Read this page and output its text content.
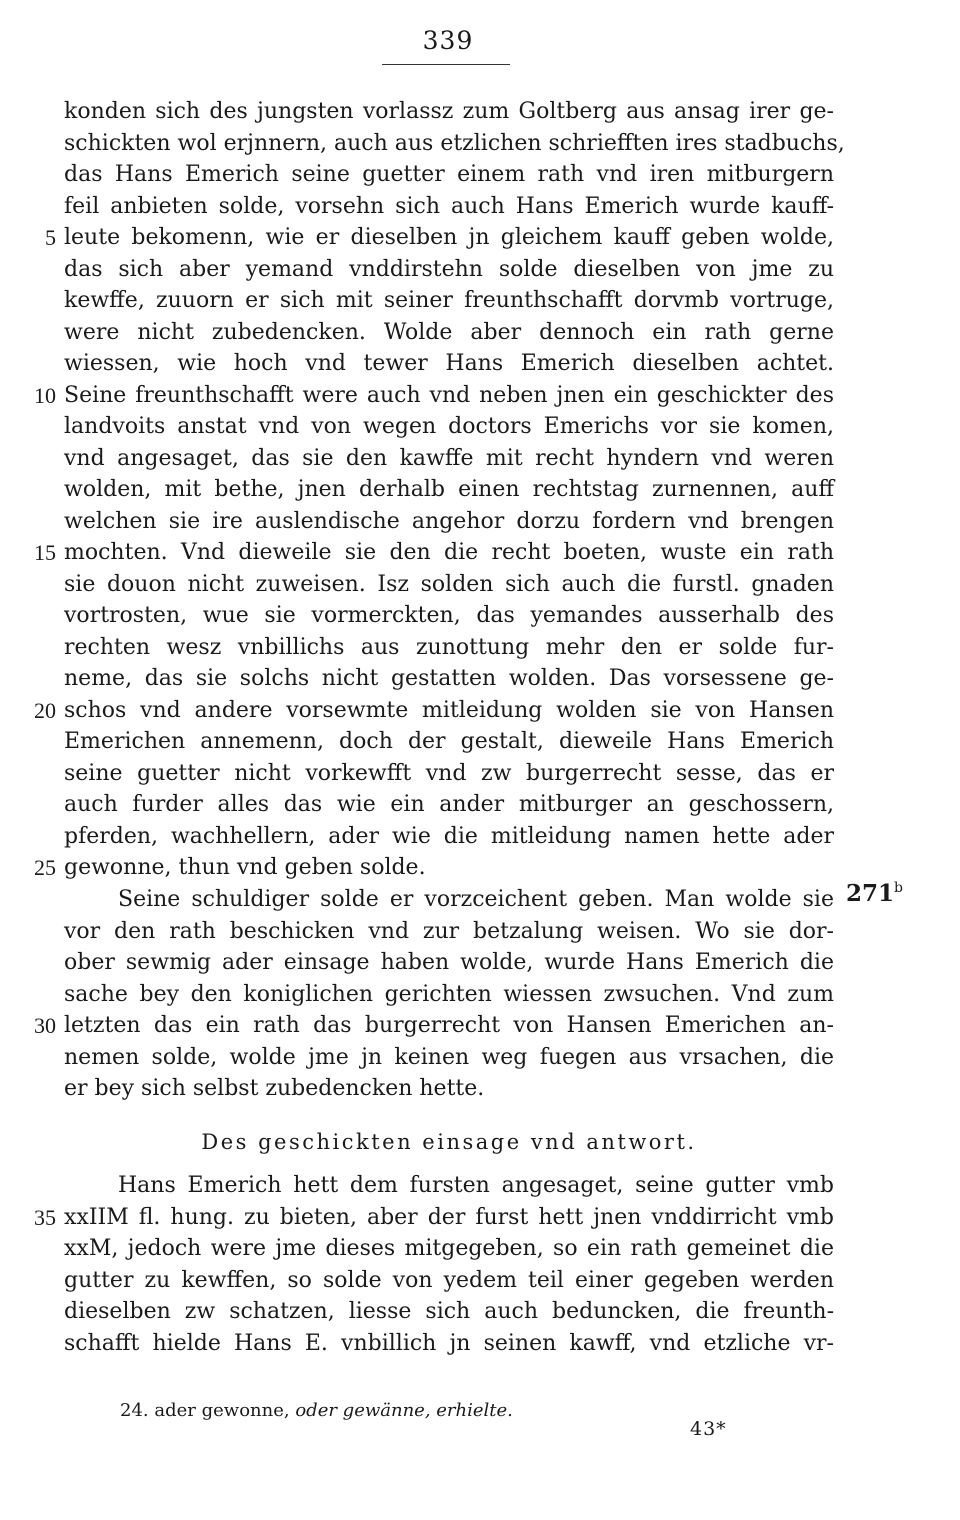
339
konden sich des jungsten vorlassz zum Goltberg aus ansag irer ge-
schickten wol erjnnern, auch aus etzlichen schriefften ires stadbuchs,
das Hans Emerich seine guetter einem rath vnd iren mitburgern
feil anbieten solde, vorsehn sich auch Hans Emerich wurde kauff-
5 leute bekomenn, wie er dieselben jn gleichem kauff geben wolde,
das sich aber yemand vnddirstehn solde dieselben von jme zu
kewffe, zuuorn er sich mit seiner freunthschafft dorvmb vortruge,
were nicht zubedencken. Wolde aber dennoch ein rath gerne
wiessen, wie hoch vnd tewer Hans Emerich dieselben achtet.
10 Seine freunthschafft were auch vnd neben jnen ein geschickter des
landvoits anstat vnd von wegen doctors Emerichs vor sie komen,
vnd angesaget, das sie den kawffe mit recht hyndern vnd weren
wolden, mit bethe, jnen derhalb einen rechtstag zurnennen, auff
welchen sie ire auslendische angehor dorzu fordern vnd brengen
15 mochten. Vnd dieweile sie den die recht boeten, wuste ein rath
sie douon nicht zuweisen. Isz solden sich auch die furstl. gnaden
vortrosten, wue sie vormerckten, das yemandes ausserhalb des
rechten wesz vnbillichs aus zunottung mehr den er solde fur-
neme, das sie solchs nicht gestatten wolden. Das vorsessene ge-
20 schos vnd andere vorsewmte mitleidung wolden sie von Hansen
Emerichen annemenn, doch der gestalt, dieweile Hans Emerich
seine guetter nicht vorkewfft vnd zw burgerrecht sesse, das er
auch furder alles das wie ein ander mitburger an geschossern,
pferden, wachhellern, ader wie die mitleidung namen hette ader
25 gewonne, thun vnd geben solde.
Seine schuldiger solde er vorzceichent geben. Man wolde sie
vor den rath beschicken vnd zur betzalung weisen. Wo sie dor-
ober sewmig ader einsage haben wolde, wurde Hans Emerich die
sache bey den koniglichen gerichten wiessen zwsuchen. Vnd zum
30 letzten das ein rath das burgerrecht von Hansen Emerichen an-
nemen solde, wolde jme jn keinen weg fuegen aus vrsachen, die
er bey sich selbst zubedencken hette.
271$^b$
Des geschickten einsage vnd antwort.
Hans Emerich hett dem fursten angesaget, seine gutter vmb
35 xxIIM fl. hung. zu bieten, aber der furst hett jnen vnddirricht vmb
xxM, jedoch were jme dieses mitgegeben, so ein rath gemeinet die
gutter zu kewffen, so solde von yedem teil einer gegeben werden
dieselben zw schatzen, liesse sich auch beduncken, die freunth-
schafft hielde Hans E. vnbillich jn seinen kawff, vnd etzliche vr-
24. ader gewonne, oder gewänne, erhielte.
43*
